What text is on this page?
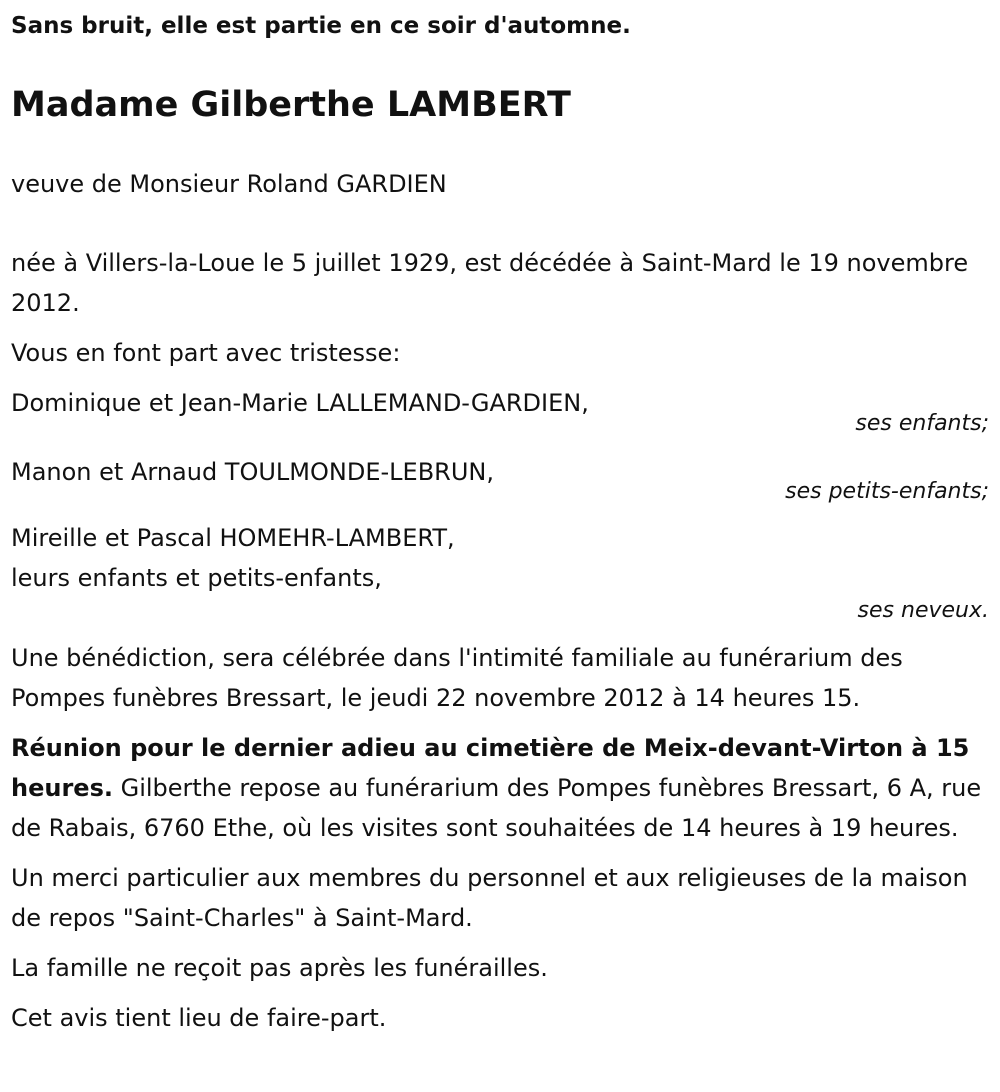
Sans bruit, elle est partie en ce soir d'automne.

Madame Gilberthe LAMBERT

veuve de Monsieur Roland GARDIEN

née à Villers-la-Loue le 5 juillet 1929, est décédée à Saint-Mard le 19 novembre 2012.

Vous en font part avec tristesse:

Dominique et Jean-Marie LALLEMAND-GARDIEN,

ses enfants;

Manon et Arnaud TOULMONDE-LEBRUN,

ses petits-enfants;

Mireille et Pascal HOMEHR-LAMBERT,

leurs enfants et petits-enfants,

ses neveux.

Une bénédiction, sera célébrée dans l'intimité familiale au funérarium des Pompes funèbres Bressart, le jeudi 22 novembre 2012 à 14 heures 15.

Réunion pour le dernier adieu au cimetière de Meix-devant-Virton à 15 heures. Gilberthe repose au funérarium des Pompes funèbres Bressart, 6 A, rue de Rabais, 6760 Ethe, où les visites sont souhaitées de 14 heures à 19 heures.

Un merci particulier aux membres du personnel et aux religieuses de la maison de repos "Saint-Charles" à Saint-Mard.

La famille ne reçoit pas après les funérailles.

Cet avis tient lieu de faire-part.
